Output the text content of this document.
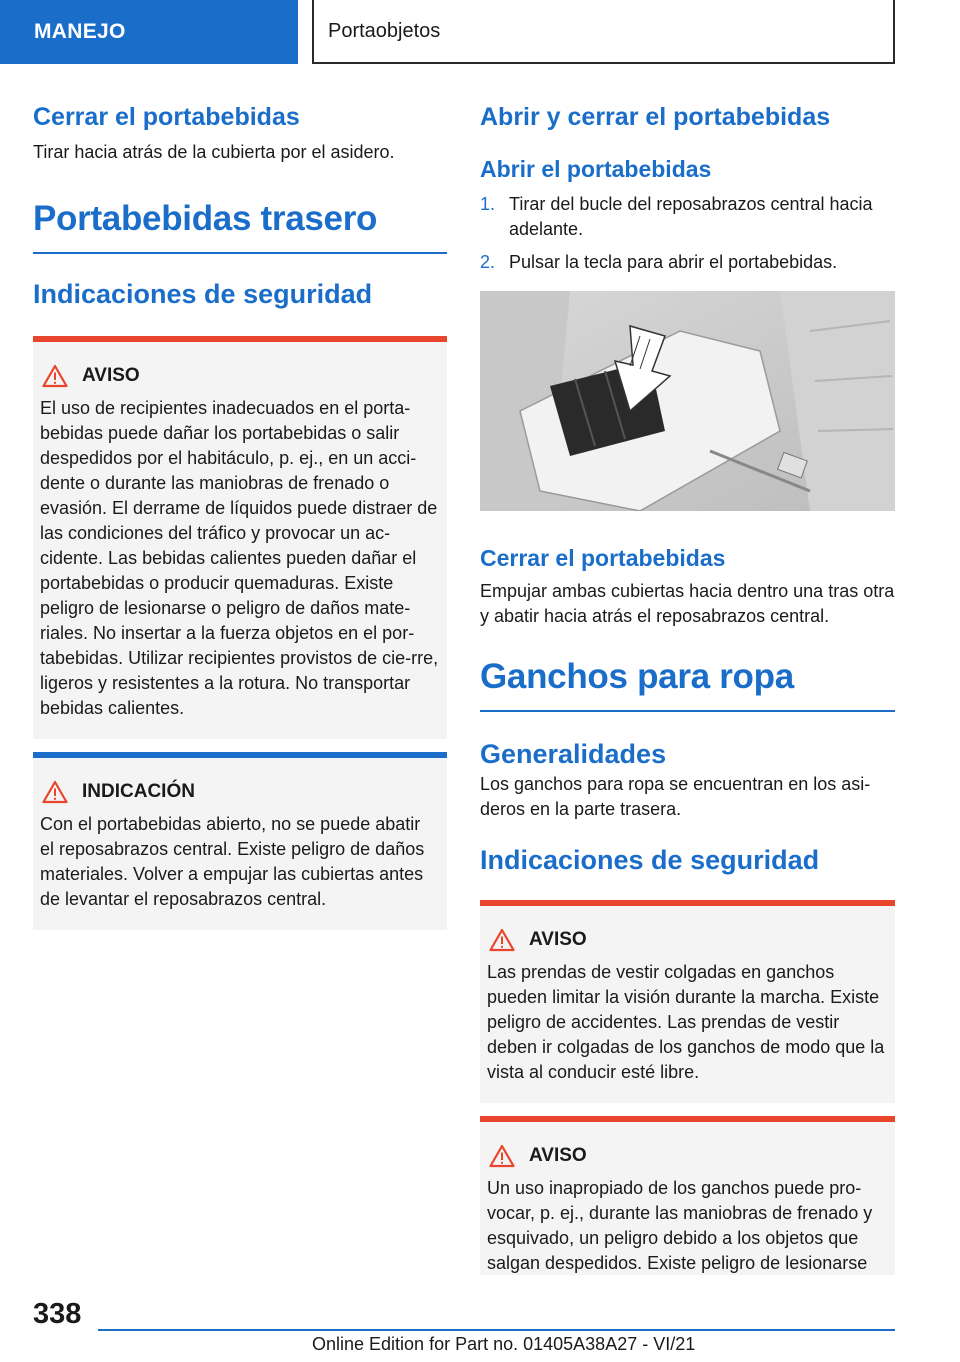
MANEJO	Portaobjetos
Cerrar el portabebidas

Tirar hacia atrás de la cubierta por el asidero.

Portabebidas trasero
Indicaciones de seguridad
AVISO

El uso de recipientes inadecuados en el porta-bebidas puede dañar los portabebidas o salir despedidos por el habitáculo, p. ej., en un acci-dente o durante las maniobras de frenado o evasión. El derrame de líquidos puede distraer de las condiciones del tráfico y provocar un ac-cidente. Las bebidas calientes pueden dañar el portabebidas o producir quemaduras. Existe peligro de lesionarse o peligro de daños mate-riales. No insertar a la fuerza objetos en el por-tabebidas. Utilizar recipientes provistos de cie-rre, ligeros y resistentes a la rotura. No transportar bebidas calientes.

INDICACIÓN

Con el portabebidas abierto, no se puede abatir el reposabrazos central. Existe peligro de daños materiales. Volver a empujar las cubiertas antes de levantar el reposabrazos central.

Abrir y cerrar el portabebidas
Abrir el portabebidas
1. Tirar del bucle del reposabrazos central hacia adelante.
2. Pulsar la tecla para abrir el portabebidas.
Cerrar el portabebidas

Empujar ambas cubiertas hacia dentro una tras otra y abatir hacia atrás el reposabrazos central.

Ganchos para ropa
Generalidades

Los ganchos para ropa se encuentran en los asi-deros en la parte trasera.

Indicaciones de seguridad
AVISO

Las prendas de vestir colgadas en ganchos pueden limitar la visión durante la marcha. Existe peligro de accidentes. Las prendas de vestir deben ir colgadas de los ganchos de modo que la vista al conducir esté libre.

AVISO

Un uso inapropiado de los ganchos puede pro-vocar, p. ej., durante las maniobras de frenado y esquivado, un peligro debido a los objetos que salgan despedidos. Existe peligro de lesionarse

338
Online Edition for Part no. 01405A38A27 - VI/21
